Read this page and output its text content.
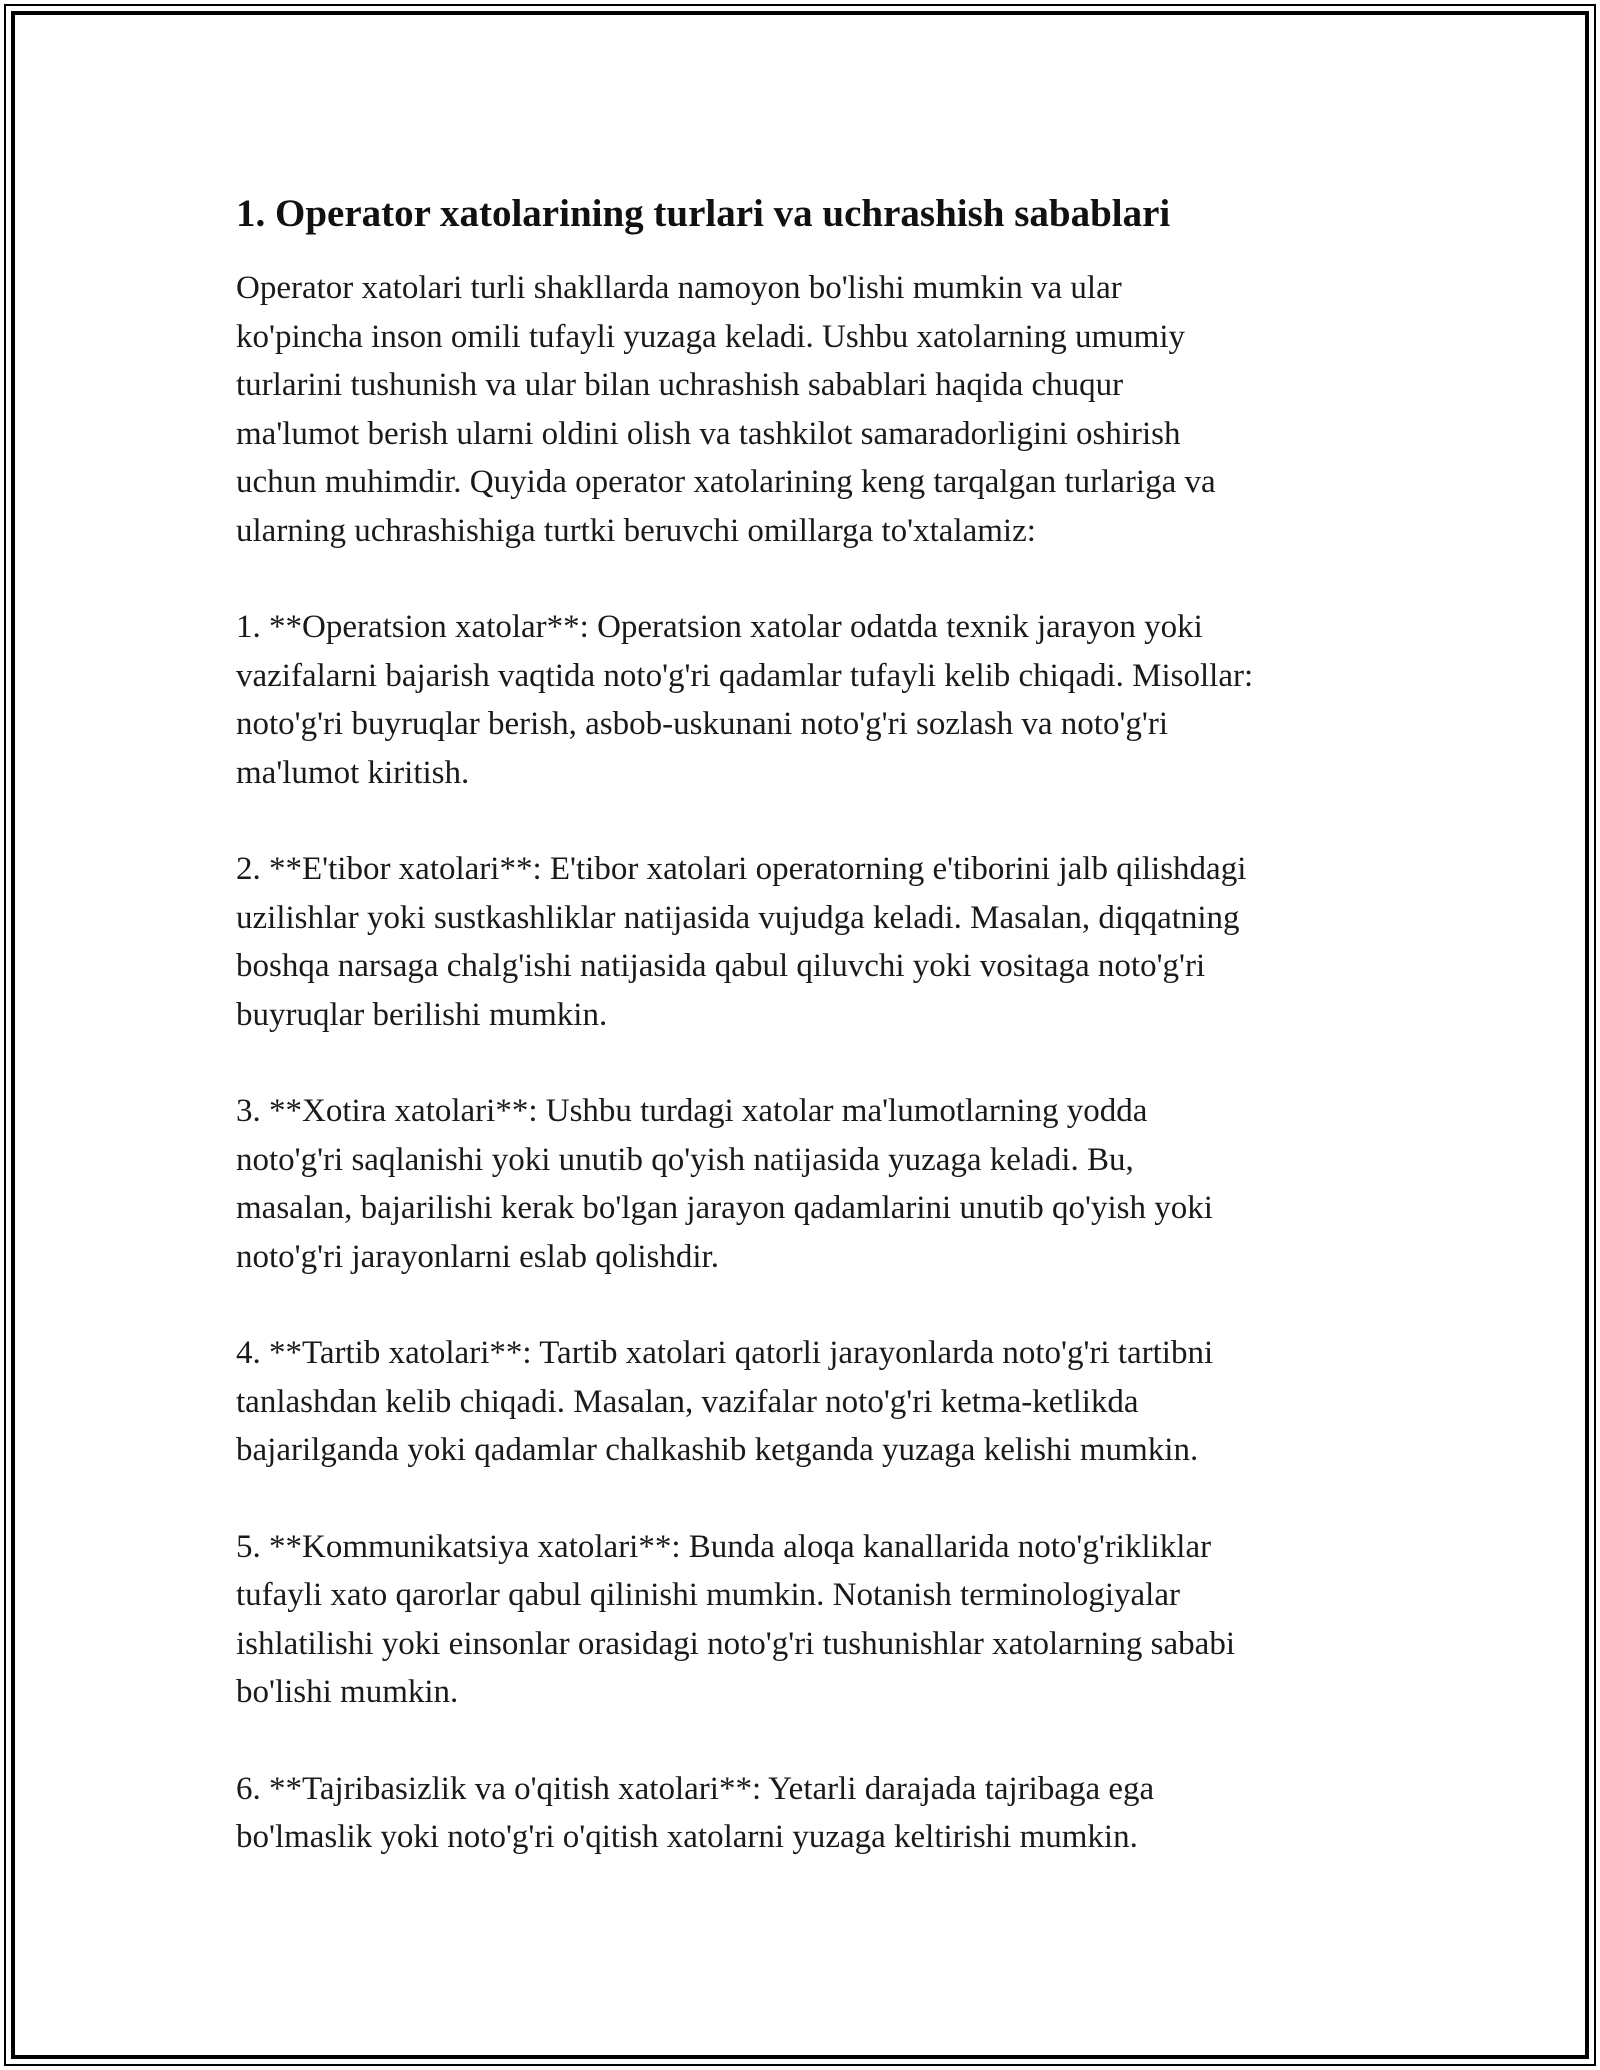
1. Operator xatolarining turlari va uchrashish sabablari

Operator xatolari turli shakllarda namoyon bo'lishi mumkin va ular
ko'pincha inson omili tufayli yuzaga keladi. Ushbu xatolarning umumiy
turlarini tushunish va ular bilan uchrashish sabablari haqida chuqur
ma'lumot berish ularni oldini olish va tashkilot samaradorligini oshirish
uchun muhimdir. Quyida operator xatolarining keng tarqalgan turlariga va
ularning uchrashishiga turtki beruvchi omillarga to'xtalamiz:

1. **Operatsion xatolar**: Operatsion xatolar odatda texnik jarayon yoki
vazifalarni bajarish vaqtida noto'g'ri qadamlar tufayli kelib chiqadi. Misollar:
noto'g'ri buyruqlar berish, asbob-uskunani noto'g'ri sozlash va noto'g'ri
ma'lumot kiritish.

2. **E'tibor xatolari**: E'tibor xatolari operatorning e'tiborini jalb qilishdagi
uzilishlar yoki sustkashliklar natijasida vujudga keladi. Masalan, diqqatning
boshqa narsaga chalg'ishi natijasida qabul qiluvchi yoki vositaga noto'g'ri
buyruqlar berilishi mumkin.

3. **Xotira xatolari**: Ushbu turdagi xatolar ma'lumotlarning yodda
noto'g'ri saqlanishi yoki unutib qo'yish natijasida yuzaga keladi. Bu,
masalan, bajarilishi kerak bo'lgan jarayon qadamlarini unutib qo'yish yoki
noto'g'ri jarayonlarni eslab qolishdir.

4. **Tartib xatolari**: Tartib xatolari qatorli jarayonlarda noto'g'ri tartibni
tanlashdan kelib chiqadi. Masalan, vazifalar noto'g'ri ketma-ketlikda
bajarilganda yoki qadamlar chalkashib ketganda yuzaga kelishi mumkin.

5. **Kommunikatsiya xatolari**: Bunda aloqa kanallarida noto'g'rikliklar
tufayli xato qarorlar qabul qilinishi mumkin. Notanish terminologiyalar
ishlatilishi yoki einsonlar orasidagi noto'g'ri tushunishlar xatolarning sababi
bo'lishi mumkin.

6. **Tajribasizlik va o'qitish xatolari**: Yetarli darajada tajribaga ega
bo'lmaslik yoki noto'g'ri o'qitish xatolarni yuzaga keltirishi mumkin.
